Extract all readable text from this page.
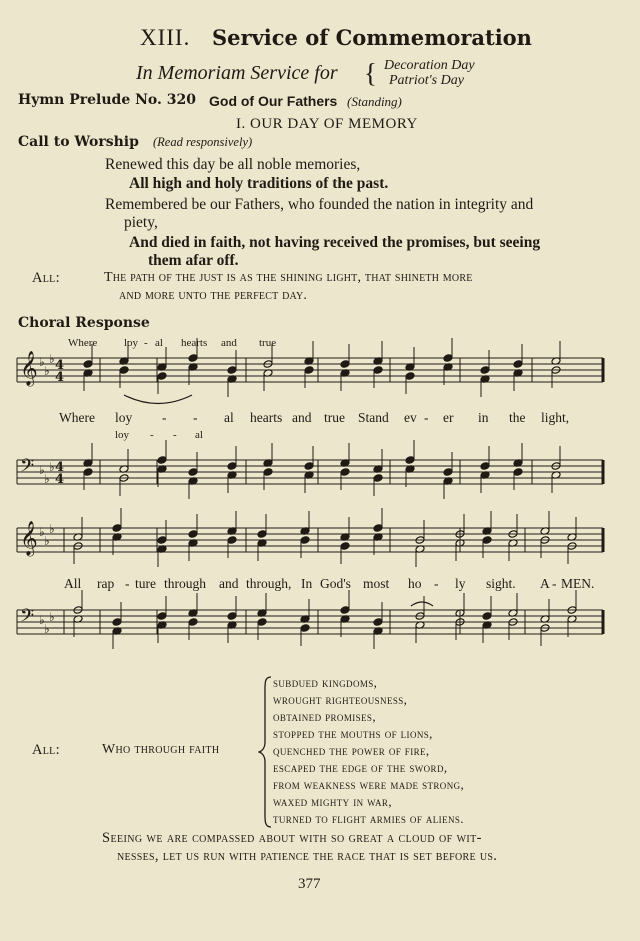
XIII. Service of Commemoration
In Memoriam Service for { Decoration Day
Patriot's Day
Hymn Prelude No. 320 God of Our Fathers (Standing)
I. OUR DAY OF MEMORY
Call to Worship (Read responsively)
Renewed this day be all noble memories,
All high and holy traditions of the past.
Remembered be our Fathers, who founded the nation in integrity and
piety,
And died in faith, not having received the promises, but seeing
them afar off.
All:	The path of the just is as the shining light, that shineth more
and more unto the perfect day.
Choral Response
𝄞 ♭
♭
♭
𝄢 ♭
♭
♭
𝄞 ♭
♭
♭
𝄢 ♭
♭
♭
4
4
4
4
Where loy - al hearts and true
Where loy - - al hearts and true Stand ev - er in the light,
loy - - al
All rap - ture through and through, In God's most ho - ly sight. A - MEN.
All:	Who through faith
subdued kingdoms,
wrought righteousness,
obtained promises,
stopped the mouths of lions,
quenched the power of fire,
escaped the edge of the sword,
from weakness were made strong,
waxed mighty in war,
turned to flight armies of aliens.
Seeing we are compassed about with so great a cloud of wit-
nesses, let us run with patience the race that is set before us.
377
